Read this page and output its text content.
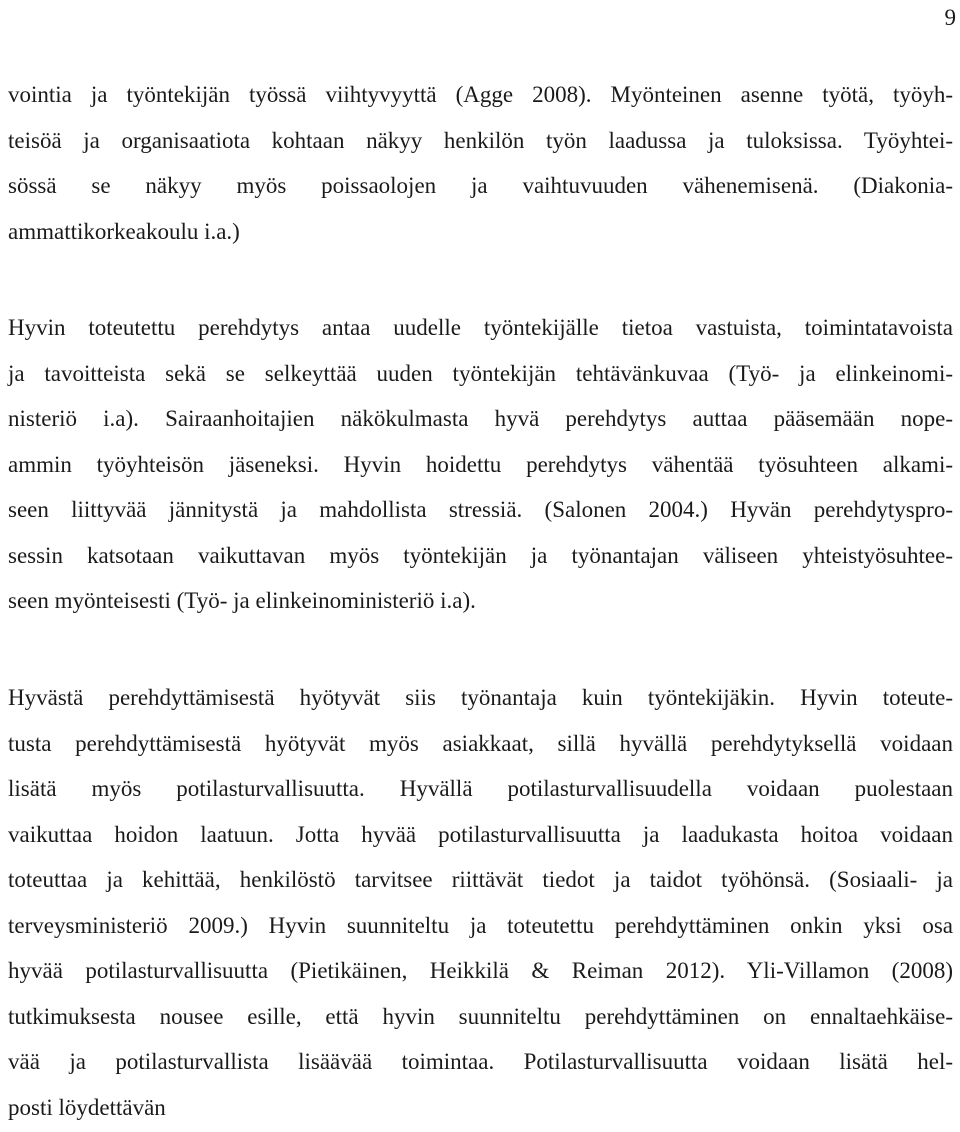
9
vointia ja työntekijän työssä viihtyvyyttä (Agge 2008). Myönteinen asenne työtä, työyh-
teisöä ja organisaatiota kohtaan näkyy henkilön työn laadussa ja tuloksissa. Työyhtei-
sössä se näkyy myös poissaolojen ja vaihtuvuuden vähenemisenä. (Diakonia-
ammattikorkeakoulu i.a.)
Hyvin toteutettu perehdytys antaa uudelle työntekijälle tietoa vastuista, toimintatavoista
ja tavoitteista sekä se selkeyttää uuden työntekijän tehtävänkuvaa (Työ- ja elinkeinomi-
nisteriö i.a). Sairaanhoitajien näkökulmasta hyvä perehdytys auttaa pääsemään nope-
ammin työyhteisön jäseneksi. Hyvin hoidettu perehdytys vähentää työsuhteen alkami-
seen liittyvää jännitystä ja mahdollista stressiä. (Salonen 2004.) Hyvän perehdytyspro-
sessin katsotaan vaikuttavan myös työntekijän ja työnantajan väliseen yhteistyösuhtee-
seen myönteisesti (Työ- ja elinkeinoministeriö i.a).
Hyvästä perehdyttämisestä hyötyvät siis työnantaja kuin työntekijäkin. Hyvin toteute-
tusta perehdyttämisestä hyötyvät myös asiakkaat, sillä hyvällä perehdytyksellä voidaan
lisätä myös potilasturvallisuutta. Hyvällä potilasturvallisuudella voidaan puolestaan
vaikuttaa hoidon laatuun. Jotta hyvää potilasturvallisuutta ja laadukasta hoitoa voidaan
toteuttaa ja kehittää, henkilöstö tarvitsee riittävät tiedot ja taidot työhönsä. (Sosiaali- ja
terveysministeriö 2009.) Hyvin suunniteltu ja toteutettu perehdyttäminen onkin yksi osa
hyvää potilasturvallisuutta (Pietikäinen, Heikkilä & Reiman 2012). Yli-Villamon (2008)
tutkimuksesta nousee esille, että hyvin suunniteltu perehdyttäminen on ennaltaehkäise-
vää ja potilasturvallista lisäävää toimintaa. Potilasturvallisuutta voidaan lisätä hel-
posti löydettävän
